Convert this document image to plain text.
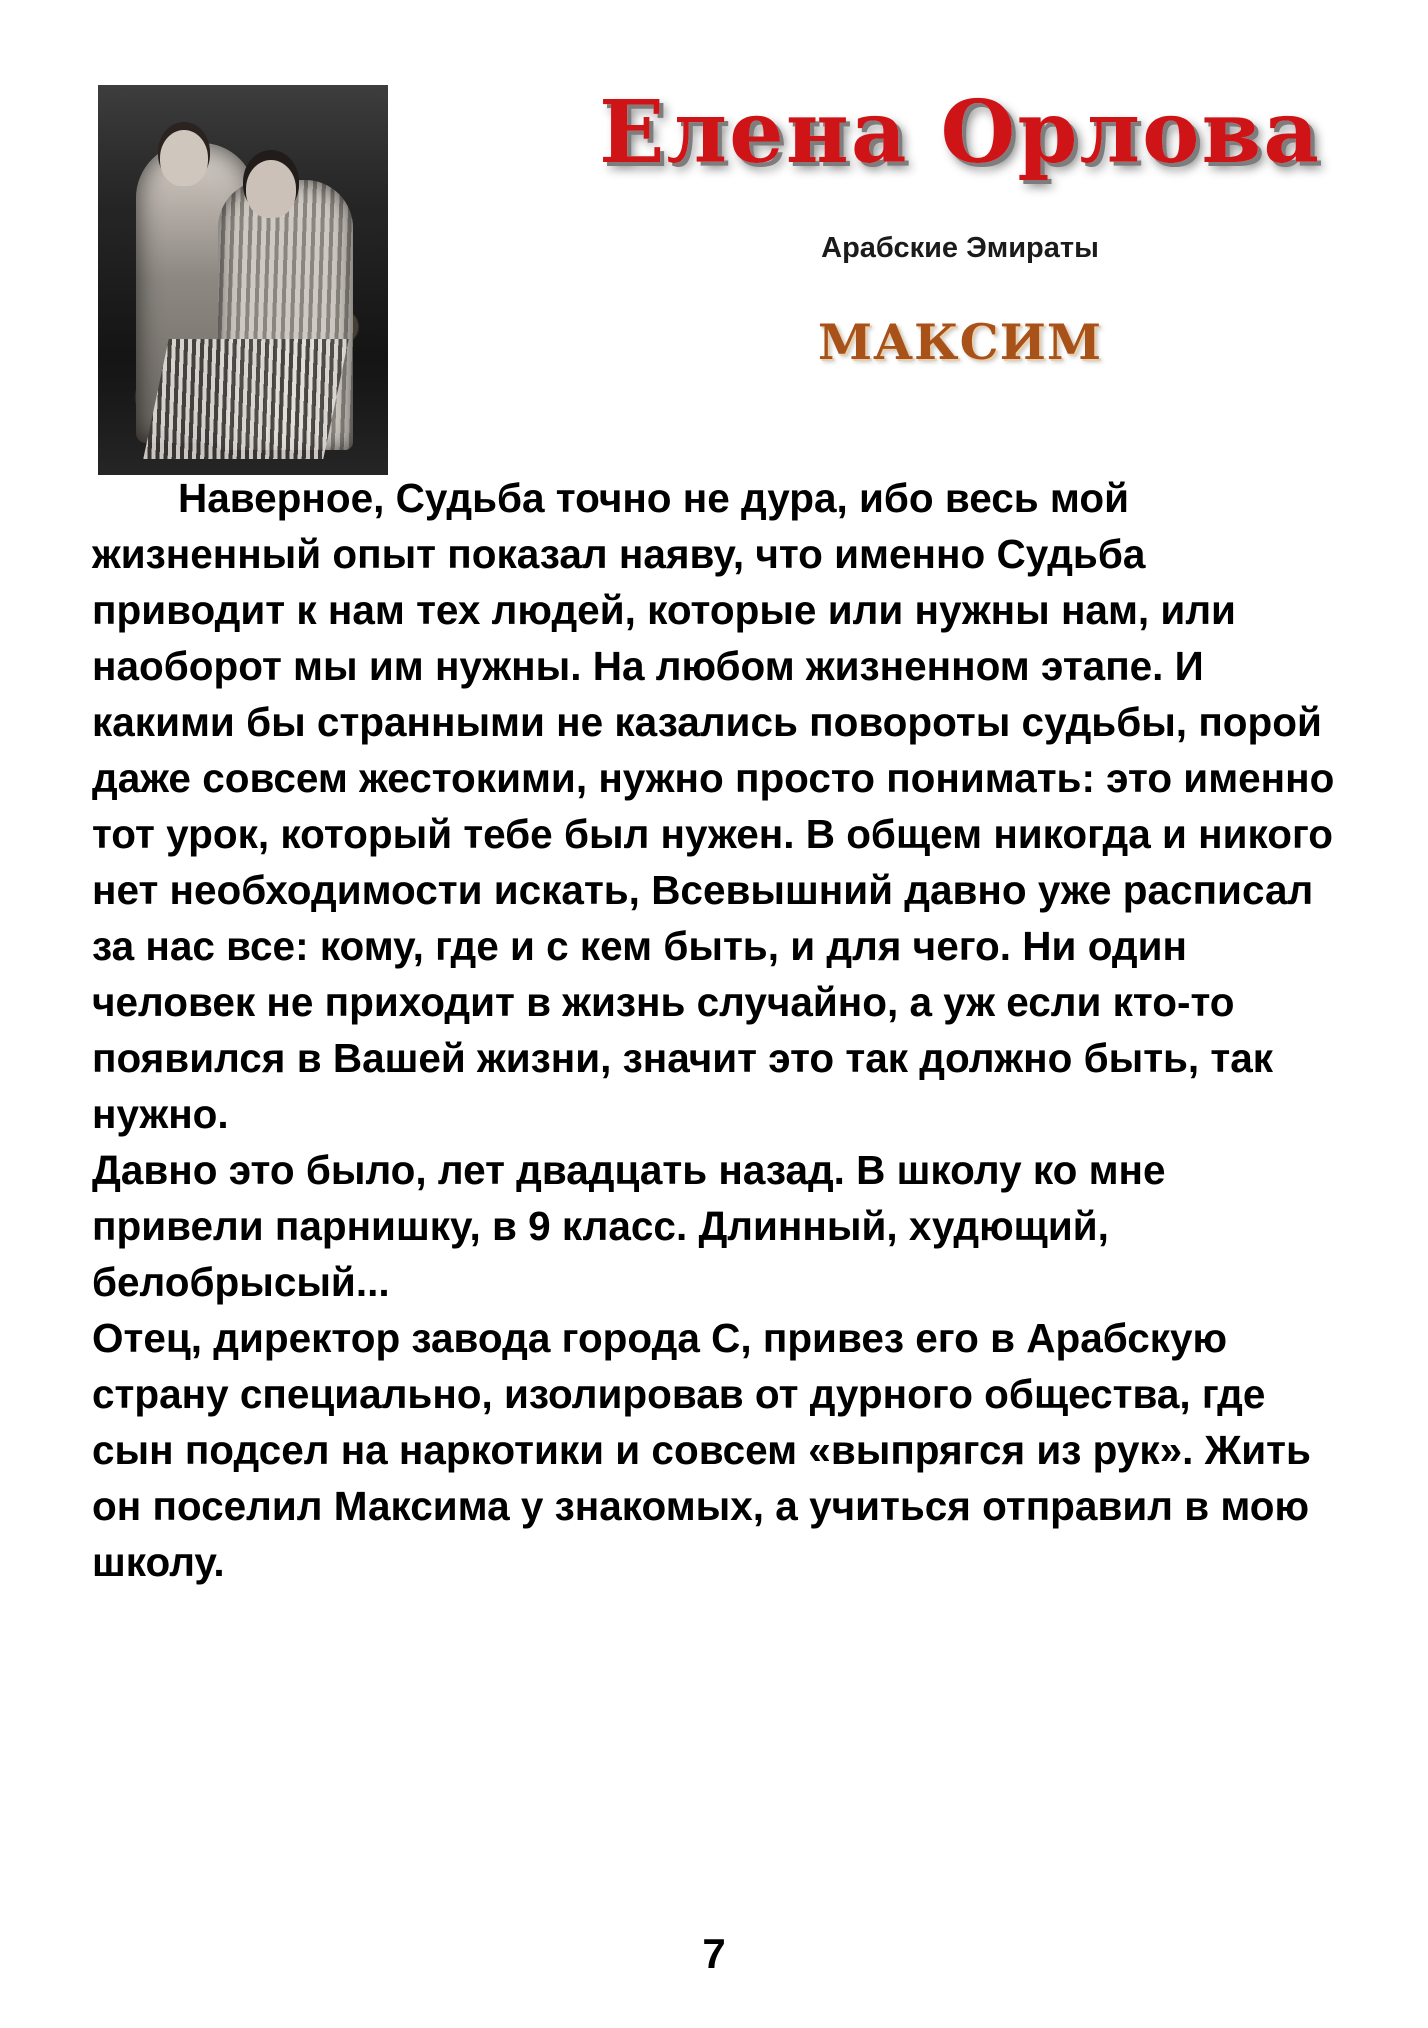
Елена Орлова
Арабские Эмираты
МАКСИМ

Наверное, Судьба точно не дура, ибо весь мой жизненный опыт показал наяву, что именно Судьба приводит к нам тех людей, которые или нужны нам, или наоборот мы им нужны. На любом жизненном этапе. И какими бы странными не казались повороты судьбы, порой даже совсем жестокими, нужно просто понимать: это именно тот урок, который тебе был нужен. В общем никогда и никого нет необходимости искать, Всевышний давно уже расписал за нас все: кому, где и с кем быть, и для чего. Ни один человек не приходит в жизнь случайно, а уж если кто-то появился в Вашей жизни, значит это так должно быть, так нужно.

Давно это было, лет двадцать назад. В школу ко мне привели парнишку, в 9 класс. Длинный, худющий, белобрысый...

Отец, директор завода города С, привез его в Арабскую страну специально, изолировав от дурного общества, где сын подсел на наркотики и совсем «выпрягся из рук». Жить он поселил Максима у знакомых, а учиться отправил в мою школу.

7
